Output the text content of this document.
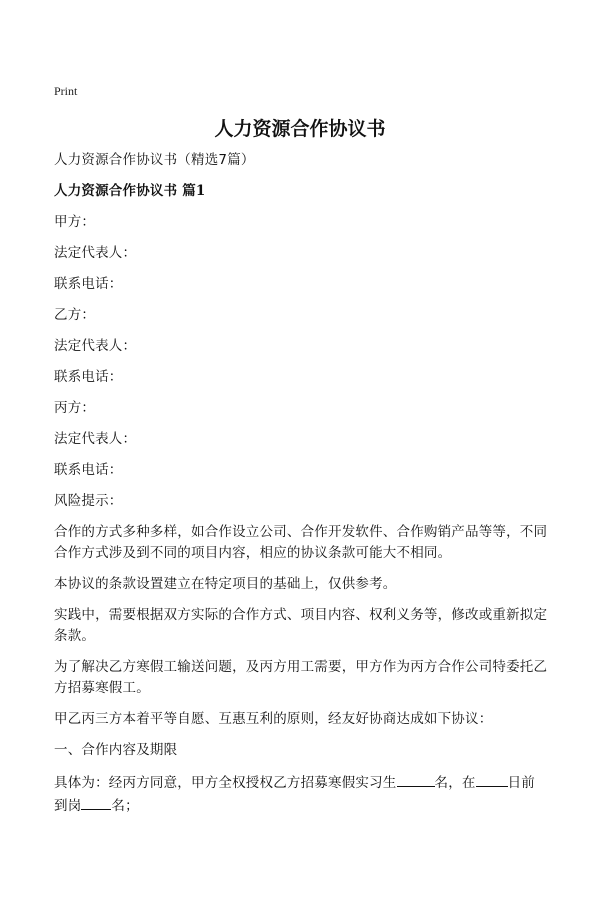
Print
人力资源合作协议书

人力资源合作协议书（精选7篇）

人力资源合作协议书 篇1

甲方：

法定代表人：

联系电话：

乙方：

法定代表人：

联系电话：

丙方：

法定代表人：

联系电话：

风险提示：

合作的方式多种多样，如合作设立公司、合作开发软件、合作购销产品等等，不同合作方式涉及到不同的项目内容，相应的协议条款可能大不相同。

本协议的条款设置建立在特定项目的基础上，仅供参考。

实践中，需要根据双方实际的合作方式、项目内容、权利义务等，修改或重新拟定条款。

为了解决乙方寒假工输送问题，及丙方用工需要，甲方作为丙方合作公司特委托乙方招募寒假工。

甲乙丙三方本着平等自愿、互惠互利的原则，经友好协商达成如下协议：

一、合作内容及期限

具体为：经丙方同意，甲方全权授权乙方招募寒假实习生	名，在 日前到岗 名；
